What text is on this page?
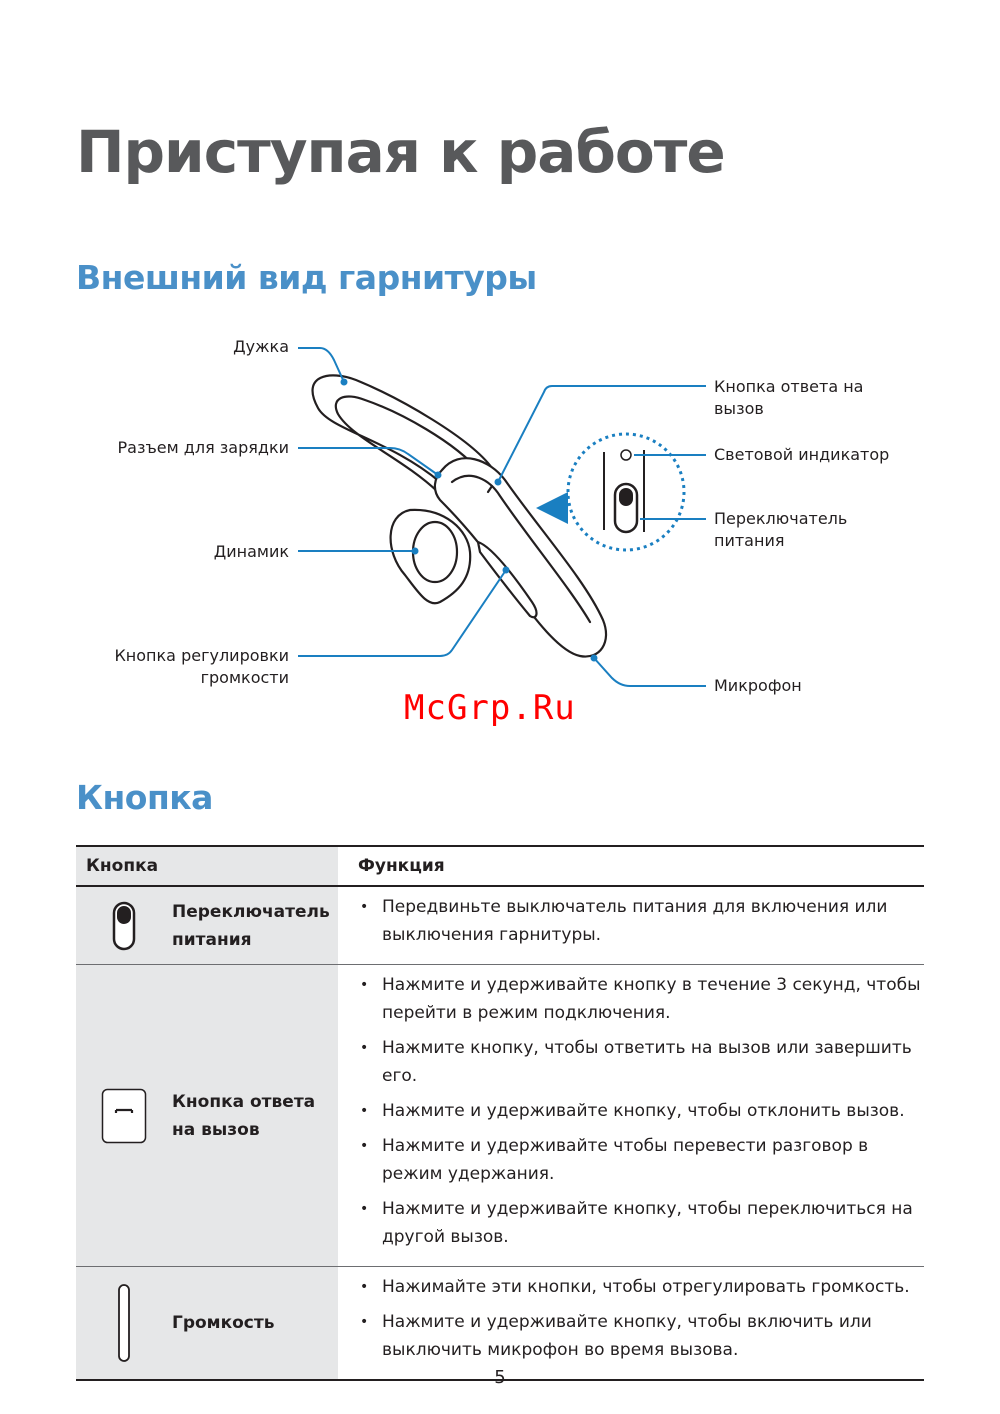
Приступая к работе
Внешний вид гарнитуры
Дужка
Разъем для зарядки
Динамик
Кнопка регулировки
громкости
Кнопка ответа на
вызов
Световой индикатор
Переключатель
питания
Микрофон
McGrp.Ru
Кнопка
Кнопка	Функция
Переключатель
питания
• Передвиньте выключатель питания для включения или выключения гарнитуры.
Кнопка ответа
на вызов
• Нажмите и удерживайте кнопку в течение 3 секунд, чтобы перейти в режим подключения.
• Нажмите кнопку, чтобы ответить на вызов или завершить его.
• Нажмите и удерживайте кнопку, чтобы отклонить вызов.
• Нажмите и удерживайте чтобы перевести разговор в режим удержания.
• Нажмите и удерживайте кнопку, чтобы переключиться на другой вызов.
Громкость
• Нажимайте эти кнопки, чтобы отрегулировать громкость.
• Нажмите и удерживайте кнопку, чтобы включить или выключить микрофон во время вызова.
5
